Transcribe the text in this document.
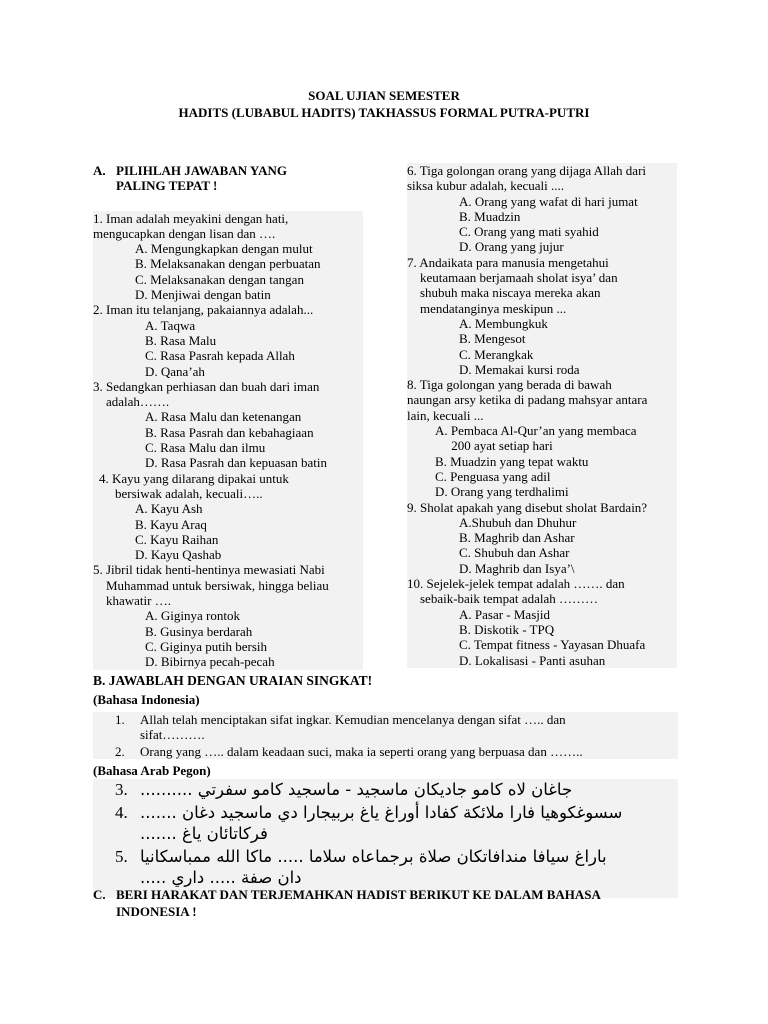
SOAL UJIAN SEMESTER
HADITS (LUBABUL HADITS) TAKHASSUS FORMAL PUTRA-PUTRI
A. PILIHLAH JAWABAN YANG
PALING TEPAT !
1. Iman adalah meyakini dengan hati,
mengucapkan dengan lisan dan ….
A. Mengungkapkan dengan mulut
B. Melaksanakan dengan perbuatan
C. Melaksanakan dengan tangan
D. Menjiwai dengan batin
2. Iman itu telanjang, pakaiannya adalah...
A. Taqwa
B. Rasa Malu
C. Rasa Pasrah kepada Allah
D. Qana’ah
3. Sedangkan perhiasan dan buah dari iman
adalah…….
A. Rasa Malu dan ketenangan
B. Rasa Pasrah dan kebahagiaan
C. Rasa Malu dan ilmu
D. Rasa Pasrah dan kepuasan batin
4. Kayu yang dilarang dipakai untuk
bersiwak adalah, kecuali…..
A. Kayu Ash
B. Kayu Araq
C. Kayu Raihan
D. Kayu Qashab
5. Jibril tidak henti-hentinya mewasiati Nabi
Muhammad untuk bersiwak, hingga beliau
khawatir ….
A. Giginya rontok
B. Gusinya berdarah
C. Giginya putih bersih
D. Bibirnya pecah-pecah
6. Tiga golongan orang yang dijaga Allah dari
siksa kubur adalah, kecuali ....
A. Orang yang wafat di hari jumat
B. Muadzin
C. Orang yang mati syahid
D. Orang yang jujur
7. Andaikata para manusia mengetahui
keutamaan berjamaah sholat isya’ dan
shubuh maka niscaya mereka akan
mendatanginya meskipun ...
A. Membungkuk
B. Mengesot
C. Merangkak
D. Memakai kursi roda
8. Tiga golongan yang berada di bawah
naungan arsy ketika di padang mahsyar antara
lain, kecuali ...
A. Pembaca Al-Qur’an yang membaca
200 ayat setiap hari
B. Muadzin yang tepat waktu
C. Penguasa yang adil
D. Orang yang terdhalimi
9. Sholat apakah yang disebut sholat Bardain?
A.Shubuh dan Dhuhur
B. Maghrib dan Ashar
C. Shubuh dan Ashar
D. Maghrib dan Isya’\
10. Sejelek-jelek tempat adalah ……. dan
sebaik-baik tempat adalah ………
A. Pasar - Masjid
B. Diskotik - TPQ
C. Tempat fitness - Yayasan Dhuafa
D. Lokalisasi - Panti asuhan
B. JAWABLAH DENGAN URAIAN SINGKAT!
(Bahasa Indonesia)
1.	Allah telah menciptakan sifat ingkar. Kemudian mencelanya dengan sifat ….. dan
sifat……….
2.	Orang yang ….. dalam keadaan suci, maka ia seperti orang yang berpuasa dan ……..
(Bahasa Arab Pegon)
3. جاغان لاه كامو جاديكان ماسجيد - ماسجيد كامو سفرتي ..........
4. سسوغكوهيا فارا ملائكة كفادا أوراغ ياغ بربيجارا دي ماسجيد دغان .......
فركاتائان ياغ .......
5. باراغ سيافا مندافاتكان صلاة برجماعاه سلاما ..... ماكا الله ممباسكانيا
دان صفة ..... داري .....
C. BERI HARAKAT DAN TERJEMAHKAN HADIST BERIKUT KE DALAM BAHASA
INDONESIA !
